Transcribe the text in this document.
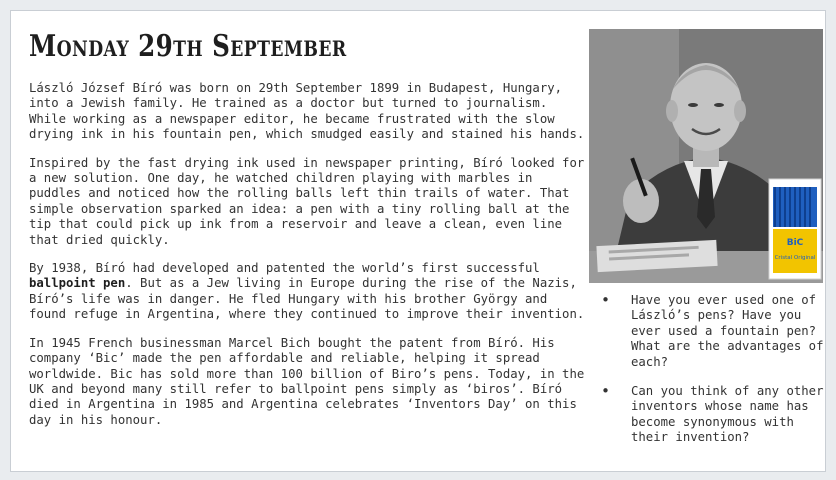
Monday 29th September

László József Bíró was born on 29th September 1899 in Budapest, Hungary, into a Jewish family. He trained as a doctor but turned to journalism. While working as a newspaper editor, he became frustrated with the slow drying ink in his fountain pen, which smudged easily and stained his hands.

Inspired by the fast drying ink used in newspaper printing, Bíró looked for a new solution. One day, he watched children playing with marbles in puddles and noticed how the rolling balls left thin trails of water. That simple observation sparked an idea: a pen with a tiny rolling ball at the tip that could pick up ink from a reservoir and leave a clean, even line that dried quickly.

By 1938, Bíró had developed and patented the world’s first successful ballpoint pen. But as a Jew living in Europe during the rise of the Nazis, Bíró’s life was in danger. He fled Hungary with his brother György and found refuge in Argentina, where they continued to improve their invention.

In 1945 French businessman Marcel Bich bought the patent from Bíró. His company ‘Bic’ made the pen affordable and reliable, helping it spread worldwide. Bic has sold more than 100 billion of Biro’s pens. Today, in the UK and beyond many still refer to ballpoint pens simply as ‘biros’. Bíró died in Argentina in 1985 and Argentina celebrates ‘Inventors Day’ on this day in his honour.

BiC
Cristal Original
• Have you ever used one of László’s pens? Have you ever used a fountain pen? What are the advantages of each?
• Can you think of any other inventors whose name has become synonymous with their invention?
